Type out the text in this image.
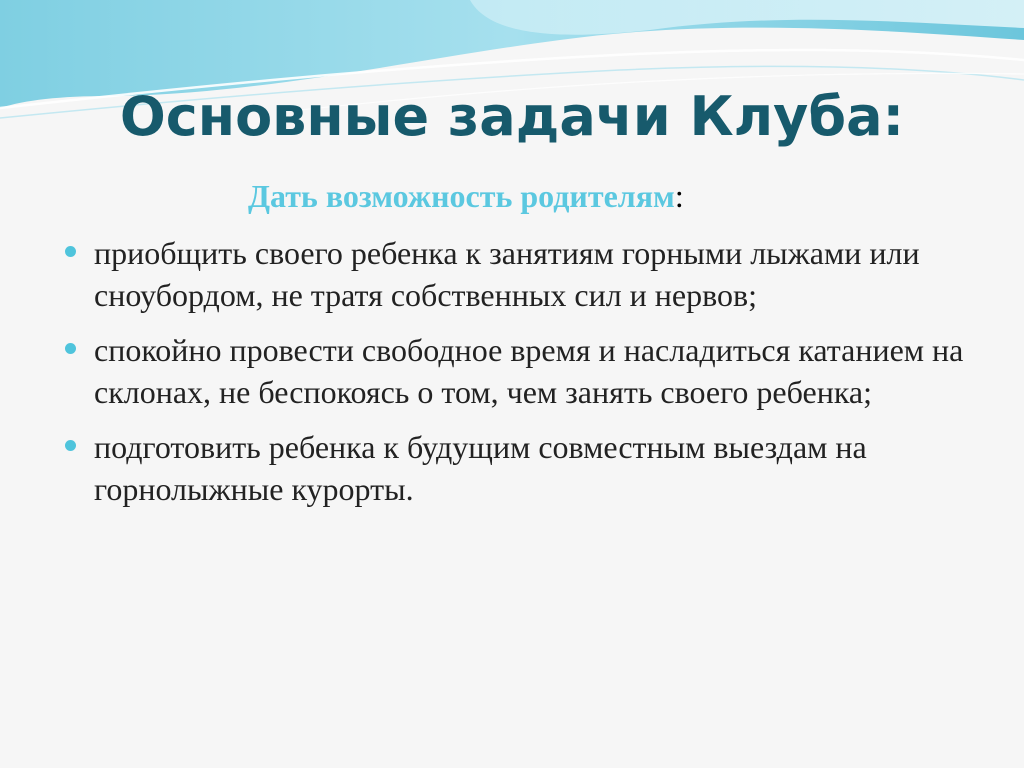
Основные задачи Клуба:

Дать возможность родителям:

приобщить своего ребенка к занятиям горными лыжами или сноубордом, не тратя собственных сил и нервов;
спокойно провести свободное время и насладиться катанием на склонах, не беспокоясь о том, чем занять своего ребенка;
подготовить ребенка к будущим совместным выездам на горнолыжные курорты.
